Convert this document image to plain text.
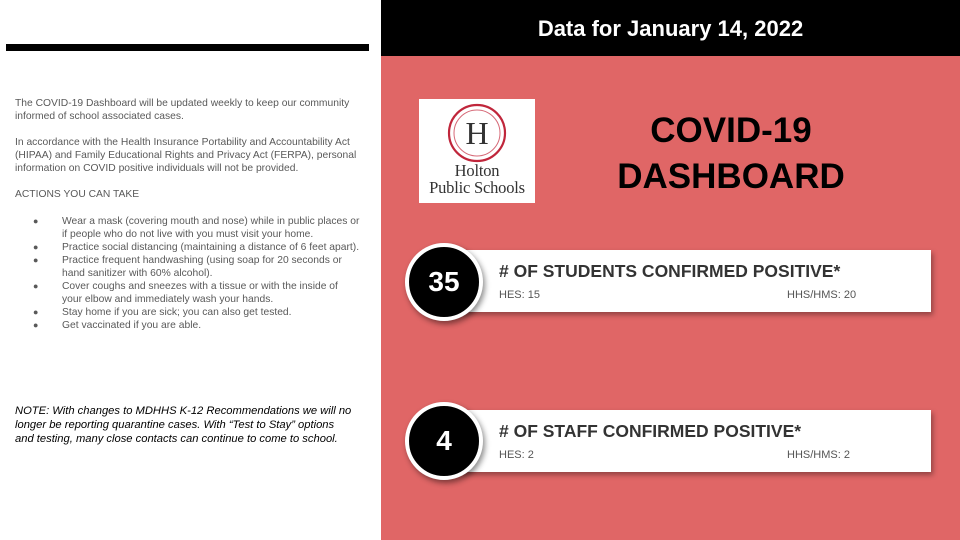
The COVID-19 Dashboard will be updated weekly to keep our community informed of school associated cases.

In accordance with the Health Insurance Portability and Accountability Act (HIPAA) and Family Educational Rights and Privacy Act (FERPA), personal information on COVID positive individuals will not be provided.

ACTIONS YOU CAN TAKE

● Wear a mask (covering mouth and nose) while in public places or if people who do not live with you must visit your home.
● Practice social distancing (maintaining a distance of 6 feet apart).
● Practice frequent handwashing (using soap for 20 seconds or hand sanitizer with 60% alcohol).
● Cover coughs and sneezes with a tissue or with the inside of your elbow and immediately wash your hands.
● Stay home if you are sick; you can also get tested.
● Get vaccinated if you are able.
NOTE: With changes to MDHHS K-12 Recommendations we will no longer be reporting quarantine cases. With “Test to Stay” options and testing, many close contacts can continue to come to school.
Data for January 14, 2022
H
Holton
Public Schools
COVID-19
DASHBOARD
# OF STUDENTS CONFIRMED POSITIVE*
HES: 15	HHS/HMS: 20
35
# OF STAFF CONFIRMED POSITIVE*
HES: 2	HHS/HMS: 2
4
